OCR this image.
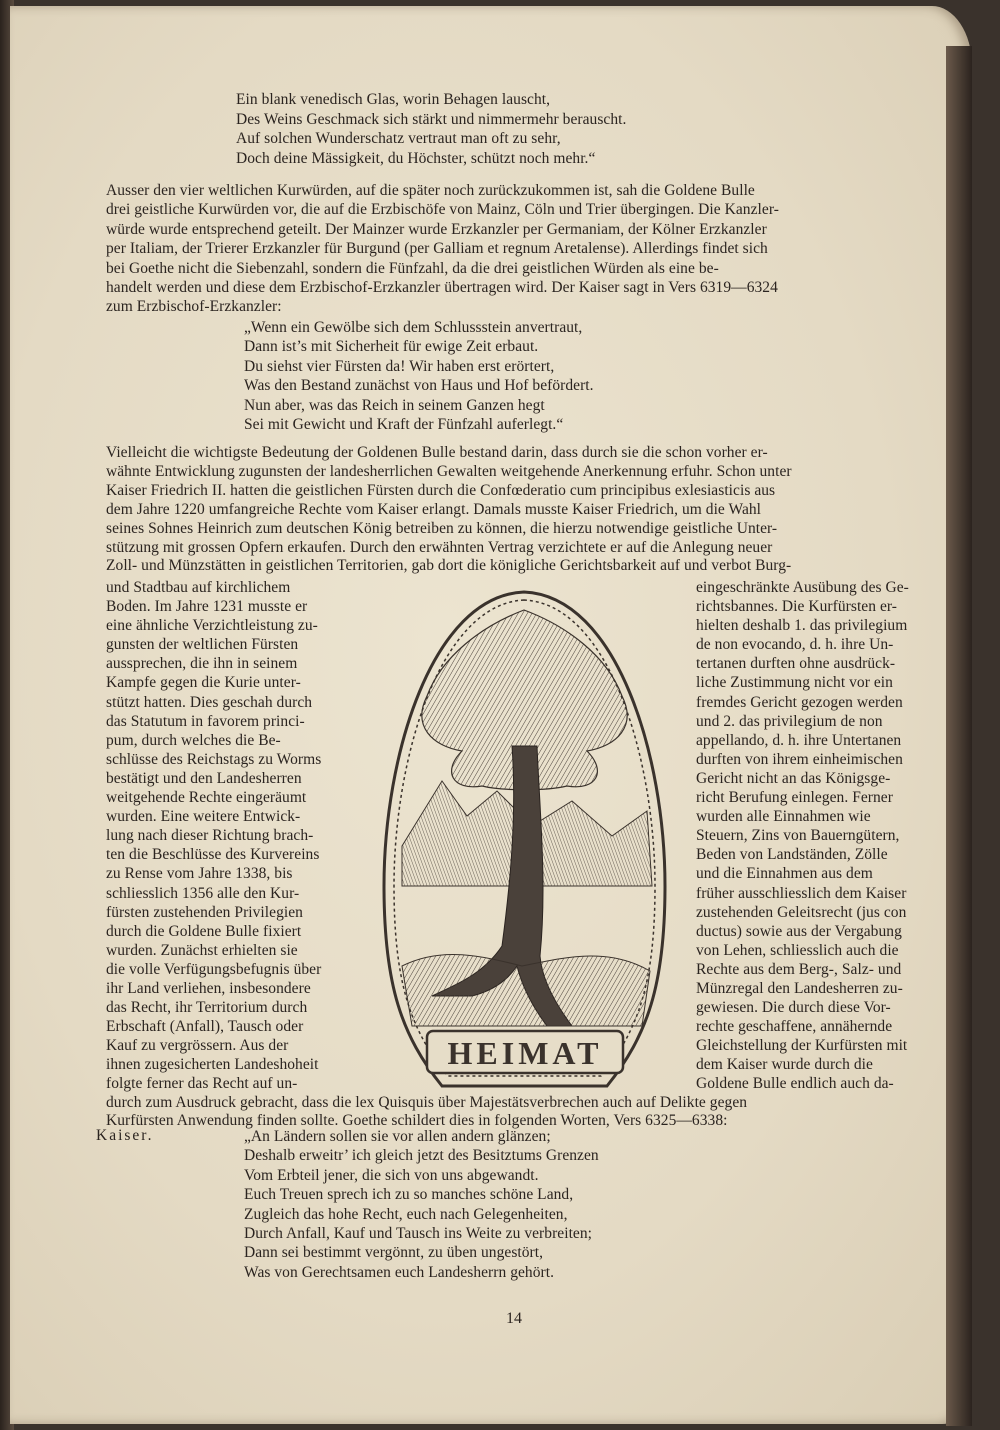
Ein blank venedisch Glas, worin Behagen lauscht,
Des Weins Geschmack sich stärkt und nimmermehr berauscht.
Auf solchen Wunderschatz vertraut man oft zu sehr,
Doch deine Mässigkeit, du Höchster, schützt noch mehr.“
Ausser den vier weltlichen Kurwürden, auf die später noch zurückzukommen ist, sah die Goldene Bulle
drei geistliche Kurwürden vor, die auf die Erzbischöfe von Mainz, Cöln und Trier übergingen. Die Kanzler-
würde wurde entsprechend geteilt. Der Mainzer wurde Erzkanzler per Germaniam, der Kölner Erzkanzler
per Italiam, der Trierer Erzkanzler für Burgund (per Galliam et regnum Aretalense). Allerdings findet sich
bei Goethe nicht die Siebenzahl, sondern die Fünfzahl, da die drei geistlichen Würden als eine be-
handelt werden und diese dem Erzbischof-Erzkanzler übertragen wird. Der Kaiser sagt in Vers 6319—6324
zum Erzbischof-Erzkanzler:
„Wenn ein Gewölbe sich dem Schlussstein anvertraut,
Dann ist’s mit Sicherheit für ewige Zeit erbaut.
Du siehst vier Fürsten da! Wir haben erst erörtert,
Was den Bestand zunächst von Haus und Hof befördert.
Nun aber, was das Reich in seinem Ganzen hegt
Sei mit Gewicht und Kraft der Fünfzahl auferlegt.“
Vielleicht die wichtigste Bedeutung der Goldenen Bulle bestand darin, dass durch sie die schon vorher er-
wähnte Entwicklung zugunsten der landesherrlichen Gewalten weitgehende Anerkennung erfuhr. Schon unter
Kaiser Friedrich II. hatten die geistlichen Fürsten durch die Confœderatio cum principibus exlesiasticis aus
dem Jahre 1220 umfangreiche Rechte vom Kaiser erlangt. Damals musste Kaiser Friedrich, um die Wahl
seines Sohnes Heinrich zum deutschen König betreiben zu können, die hierzu notwendige geistliche Unter-
stützung mit grossen Opfern erkaufen. Durch den erwähnten Vertrag verzichtete er auf die Anlegung neuer
Zoll- und Münzstätten in geistlichen Territorien, gab dort die königliche Gerichtsbarkeit auf und verbot Burg-
und Stadtbau auf kirchlichem
Boden. Im Jahre 1231 musste er
eine ähnliche Verzichtleistung zu-
gunsten der weltlichen Fürsten
aussprechen, die ihn in seinem
Kampfe gegen die Kurie unter-
stützt hatten. Dies geschah durch
das Statutum in favorem princi-
pum, durch welches die Be-
schlüsse des Reichstags zu Worms
bestätigt und den Landesherren
weitgehende Rechte eingeräumt
wurden. Eine weitere Entwick-
lung nach dieser Richtung brach-
ten die Beschlüsse des Kurvereins
zu Rense vom Jahre 1338, bis
schliesslich 1356 alle den Kur-
fürsten zustehenden Privilegien
durch die Goldene Bulle fixiert
wurden. Zunächst erhielten sie
die volle Verfügungsbefugnis über
ihr Land verliehen, insbesondere
das Recht, ihr Territorium durch
Erbschaft (Anfall), Tausch oder
Kauf zu vergrössern. Aus der
ihnen zugesicherten Landeshoheit
folgte ferner das Recht auf un-
eingeschränkte Ausübung des Ge-
richtsbannes. Die Kurfürsten er-
hielten deshalb 1. das privilegium
de non evocando, d. h. ihre Un-
tertanen durften ohne ausdrück-
liche Zustimmung nicht vor ein
fremdes Gericht gezogen werden
und 2. das privilegium de non
appellando, d. h. ihre Untertanen
durften von ihrem einheimischen
Gericht nicht an das Königsge-
richt Berufung einlegen. Ferner
wurden alle Einnahmen wie
Steuern, Zins von Bauerngütern,
Beden von Landständen, Zölle
und die Einnahmen aus dem
früher ausschliesslich dem Kaiser
zustehenden Geleitsrecht (jus con
ductus) sowie aus der Vergabung
von Lehen, schliesslich auch die
Rechte aus dem Berg-, Salz- und
Münzregal den Landesherren zu-
gewiesen. Die durch diese Vor-
rechte geschaffene, annähernde
Gleichstellung der Kurfürsten mit
dem Kaiser wurde durch die
Goldene Bulle endlich auch da-
durch zum Ausdruck gebracht, dass die lex Quisquis über Majestätsverbrechen auch auf Delikte gegen
Kurfürsten Anwendung finden sollte. Goethe schildert dies in folgenden Worten, Vers 6325—6338:
Kaiser.	„An Ländern sollen sie vor allen andern glänzen;
Deshalb erweitr’ ich gleich jetzt des Besitztums Grenzen
Vom Erbteil jener, die sich von uns abgewandt.
Euch Treuen sprech ich zu so manches schöne Land,
Zugleich das hohe Recht, euch nach Gelegenheiten,
Durch Anfall, Kauf und Tausch ins Weite zu verbreiten;
Dann sei bestimmt vergönnt, zu üben ungestört,
Was von Gerechtsamen euch Landesherrn gehört.
HEIMAT
14
